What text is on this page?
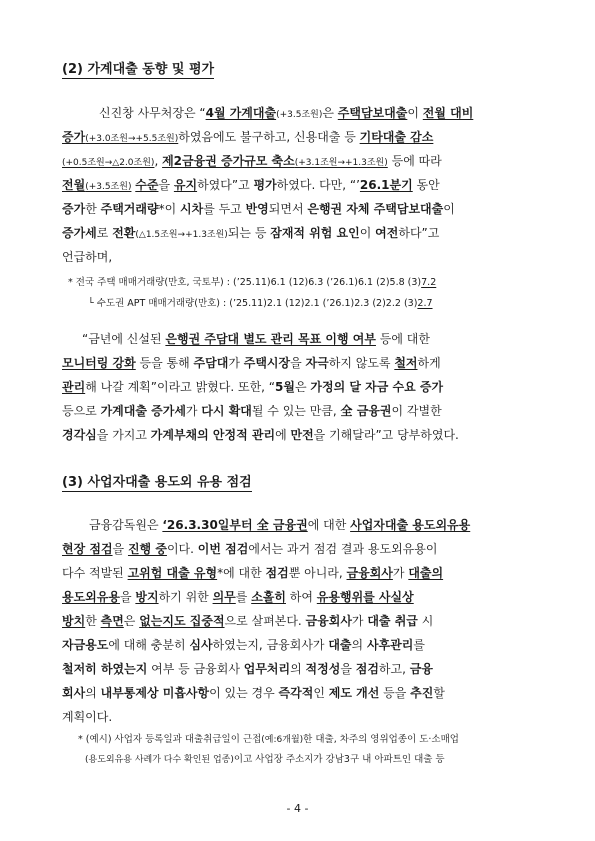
(2) 가계대출 동향 및 평가
신진창 사무처장은 “4월 가계대출(+3.5조원)은 주택담보대출이 전월 대비
증가(+3.0조원→+5.5조원)하였음에도 불구하고, 신용대출 등 기타대출 감소
(+0.5조원→△2.0조원), 제2금융권 증가규모 축소(+3.1조원→+1.3조원) 등에 따라
전월(+3.5조원) 수준을 유지하였다”고 평가하였다. 다만, “’26.1분기 동안
증가한 주택거래량*이 시차를 두고 반영되면서 은행권 자체 주택담보대출이
증가세로 전환(△1.5조원→+1.3조원)되는 등 잠재적 위험 요인이 여전하다”고
언급하며,
* 전국 주택 매매거래량(만호, 국토부) : (’25.11)6.1 (12)6.3 (’26.1)6.1 (2)5.8 (3)7.2
└ 수도권 APT 매매거래량(만호) : (’25.11)2.1 (12)2.1 (’26.1)2.3 (2)2.2 (3)2.7
“금년에 신설된 은행권 주담대 별도 관리 목표 이행 여부 등에 대한
모니터링 강화 등을 통해 주담대가 주택시장을 자극하지 않도록 철저하게
관리해 나갈 계획”이라고 밝혔다. 또한, “5월은 가정의 달 자금 수요 증가
등으로 가계대출 증가세가 다시 확대될 수 있는 만큼, 全 금융권이 각별한
경각심을 가지고 가계부채의 안정적 관리에 만전을 기해달라”고 당부하였다.
(3) 사업자대출 용도외 유용 점검
금융감독원은 ‘26.3.30일부터 全 금융권에 대한 사업자대출 용도외유용
현장 점검을 진행 중이다. 이번 점검에서는 과거 점검 결과 용도외유용이
다수 적발된 고위험 대출 유형*에 대한 점검뿐 아니라, 금융회사가 대출의
용도외유용을 방지하기 위한 의무를 소홀히 하여 유용행위를 사실상
방치한 측면은 없는지도 집중적으로 살펴본다. 금융회사가 대출 취급 시
자금용도에 대해 충분히 심사하였는지, 금융회사가 대출의 사후관리를
철저히 하였는지 여부 등 금융회사 업무처리의 적정성을 점검하고, 금융
회사의 내부통제상 미흡사항이 있는 경우 즉각적인 제도 개선 등을 추진할
계획이다.
* (예시) 사업자 등록일과 대출취급일이 근접(예:6개월)한 대출, 차주의 영위업종이 도·소매업
(용도외유용 사례가 다수 확인된 업종)이고 사업장 주소지가 강남3구 내 아파트인 대출 등
- 4 -
